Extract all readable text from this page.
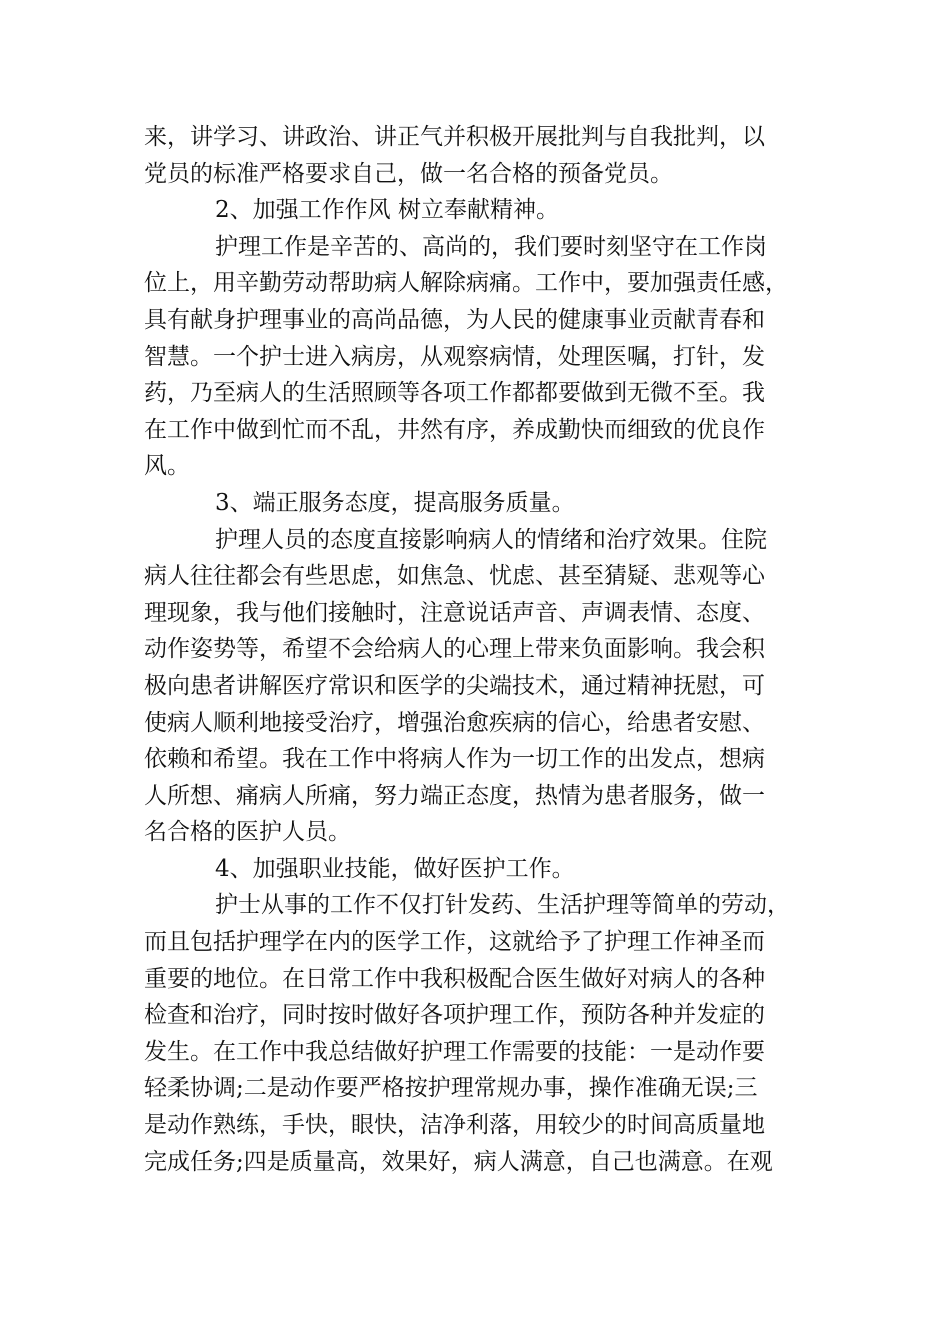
来，讲学习、讲政治、讲正气并积极开展批判与自我批判，以
党员的标准严格要求自己，做一名合格的预备党员。
2、加强工作作风 树立奉献精神。
护理工作是辛苦的、高尚的，我们要时刻坚守在工作岗
位上，用辛勤劳动帮助病人解除病痛。工作中，要加强责任感，
具有献身护理事业的高尚品德，为人民的健康事业贡献青春和
智慧。一个护士进入病房，从观察病情，处理医嘱，打针，发
药，乃至病人的生活照顾等各项工作都都要做到无微不至。我
在工作中做到忙而不乱，井然有序，养成勤快而细致的优良作
风。
3、端正服务态度，提高服务质量。
护理人员的态度直接影响病人的情绪和治疗效果。住院
病人往往都会有些思虑，如焦急、忧虑、甚至猜疑、悲观等心
理现象，我与他们接触时，注意说话声音、声调表情、态度、
动作姿势等，希望不会给病人的心理上带来负面影响。我会积
极向患者讲解医疗常识和医学的尖端技术，通过精神抚慰，可
使病人顺利地接受治疗，增强治愈疾病的信心，给患者安慰、
依赖和希望。我在工作中将病人作为一切工作的出发点，想病
人所想、痛病人所痛，努力端正态度，热情为患者服务，做一
名合格的医护人员。
4、加强职业技能，做好医护工作。
护士从事的工作不仅打针发药、生活护理等简单的劳动，
而且包括护理学在内的医学工作，这就给予了护理工作神圣而
重要的地位。在日常工作中我积极配合医生做好对病人的各种
检查和治疗，同时按时做好各项护理工作，预防各种并发症的
发生。在工作中我总结做好护理工作需要的技能：一是动作要
轻柔协调;二是动作要严格按护理常规办事，操作准确无误;三
是动作熟练，手快，眼快，洁净利落，用较少的时间高质量地
完成任务;四是质量高，效果好，病人满意，自己也满意。在观
